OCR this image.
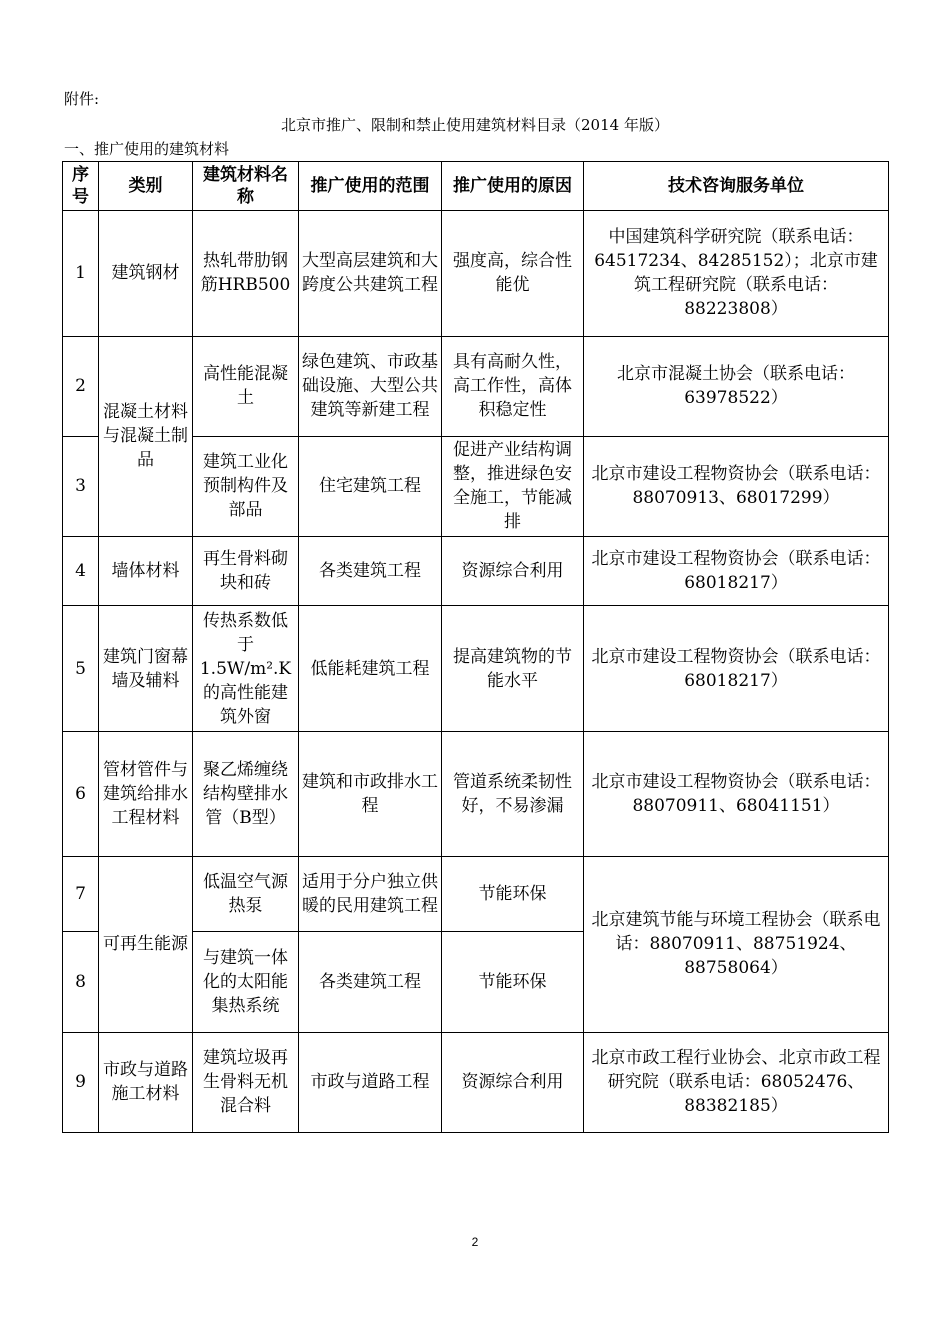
附件:
北京市推广、限制和禁止使用建筑材料目录（2014 年版）
一、推广使用的建筑材料
序号	类别	建筑材料名称	推广使用的范围	推广使用的原因	技术咨询服务单位
1	建筑钢材	热轧带肋钢筋HRB500	大型高层建筑和大跨度公共建筑工程	强度高，综合性能优	中国建筑科学研究院（联系电话：64517234、84285152）；北京市建筑工程研究院（联系电话：88223808）
2	混凝土材料与混凝土制品	高性能混凝土	绿色建筑、市政基础设施、大型公共建筑等新建工程	具有高耐久性，高工作性，高体积稳定性	北京市混凝土协会（联系电话：63978522）
3		建筑工业化预制构件及部品	住宅建筑工程	促进产业结构调整，推进绿色安全施工，节能减排	北京市建设工程物资协会（联系电话：88070913、68017299）
4	墙体材料	再生骨料砌块和砖	各类建筑工程	资源综合利用	北京市建设工程物资协会（联系电话：68018217）
5	建筑门窗幕墙及辅料	传热系数低于1.5W/m².K的高性能建筑外窗	低能耗建筑工程	提高建筑物的节能水平	北京市建设工程物资协会（联系电话：68018217）
6	管材管件与建筑给排水工程材料	聚乙烯缠绕结构壁排水管（B型）	建筑和市政排水工程	管道系统柔韧性好，不易渗漏	北京市建设工程物资协会（联系电话：88070911、68041151）
7	可再生能源	低温空气源热泵	适用于分户独立供暖的民用建筑工程	节能环保	北京建筑节能与环境工程协会（联系电话：88070911、88751924、88758064）
8		与建筑一体化的太阳能集热系统	各类建筑工程	节能环保	
9	市政与道路施工材料	建筑垃圾再生骨料无机混合料	市政与道路工程	资源综合利用	北京市政工程行业协会、北京市政工程研究院（联系电话：68052476、88382185）
2
